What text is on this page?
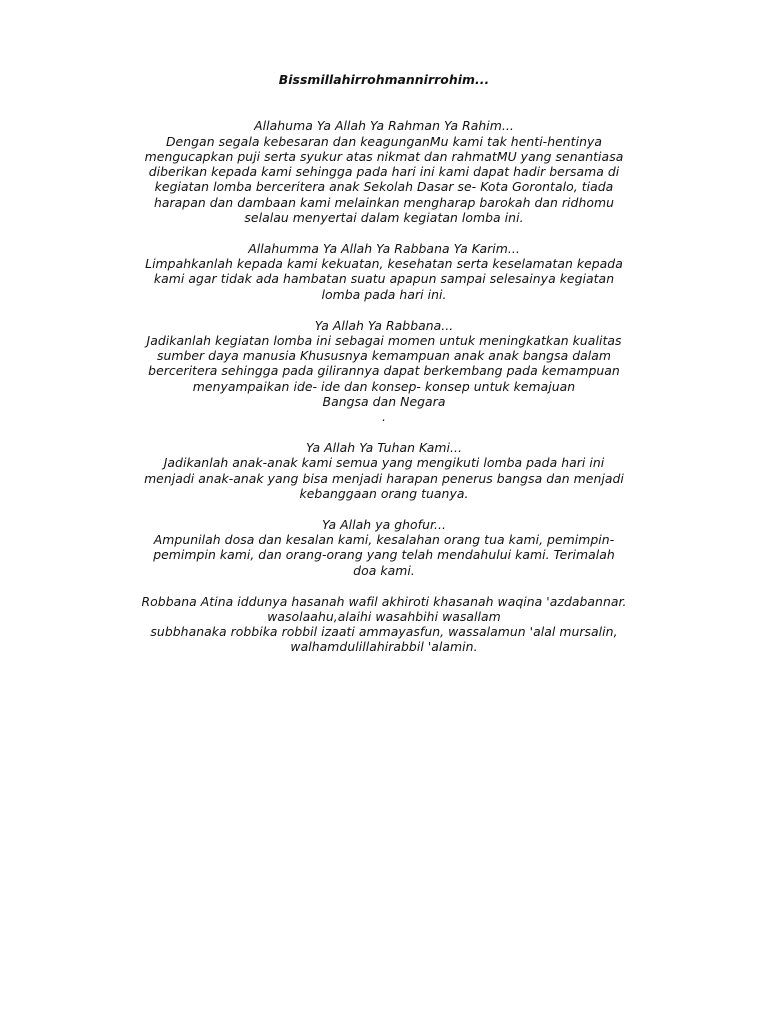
Bissmillahirrohmannirrohim...
Allahuma Ya Allah Ya Rahman Ya Rahim...
Dengan segala kebesaran dan keagunganMu kami tak henti-hentinya
mengucapkan puji serta syukur atas nikmat dan rahmatMU yang senantiasa
diberikan kepada kami sehingga pada hari ini kami dapat hadir bersama di
kegiatan lomba berceritera anak Sekolah Dasar se- Kota Gorontalo, tiada
harapan dan dambaan kami melainkan mengharap barokah dan ridhomu
selalau menyertai dalam kegiatan lomba ini.
Allahumma Ya Allah Ya Rabbana Ya Karim...
Limpahkanlah kepada kami kekuatan, kesehatan serta keselamatan kepada
kami agar tidak ada hambatan suatu apapun sampai selesainya kegiatan
lomba pada hari ini.
Ya Allah Ya Rabbana...
Jadikanlah kegiatan lomba ini sebagai momen untuk meningkatkan kualitas
sumber daya manusia Khususnya kemampuan anak anak bangsa dalam
berceritera sehingga pada gilirannya dapat berkembang pada kemampuan
menyampaikan ide- ide dan konsep- konsep untuk kemajuan
Bangsa dan Negara
.
Ya Allah Ya Tuhan Kami...
Jadikanlah anak-anak kami semua yang mengikuti lomba pada hari ini
menjadi anak-anak yang bisa menjadi harapan penerus bangsa dan menjadi
kebanggaan orang tuanya.
Ya Allah ya ghofur...
Ampunilah dosa dan kesalan kami, kesalahan orang tua kami, pemimpin-
pemimpin kami, dan orang-orang yang telah mendahului kami. Terimalah
doa kami.
Robbana Atina iddunya hasanah wafil akhiroti khasanah waqina 'azdabannar.
wasolaahu,alaihi wasahbihi wasallam
subbhanaka robbika robbil izaati ammayasfun, wassalamun 'alal mursalin,
walhamdulillahirabbil 'alamin.
